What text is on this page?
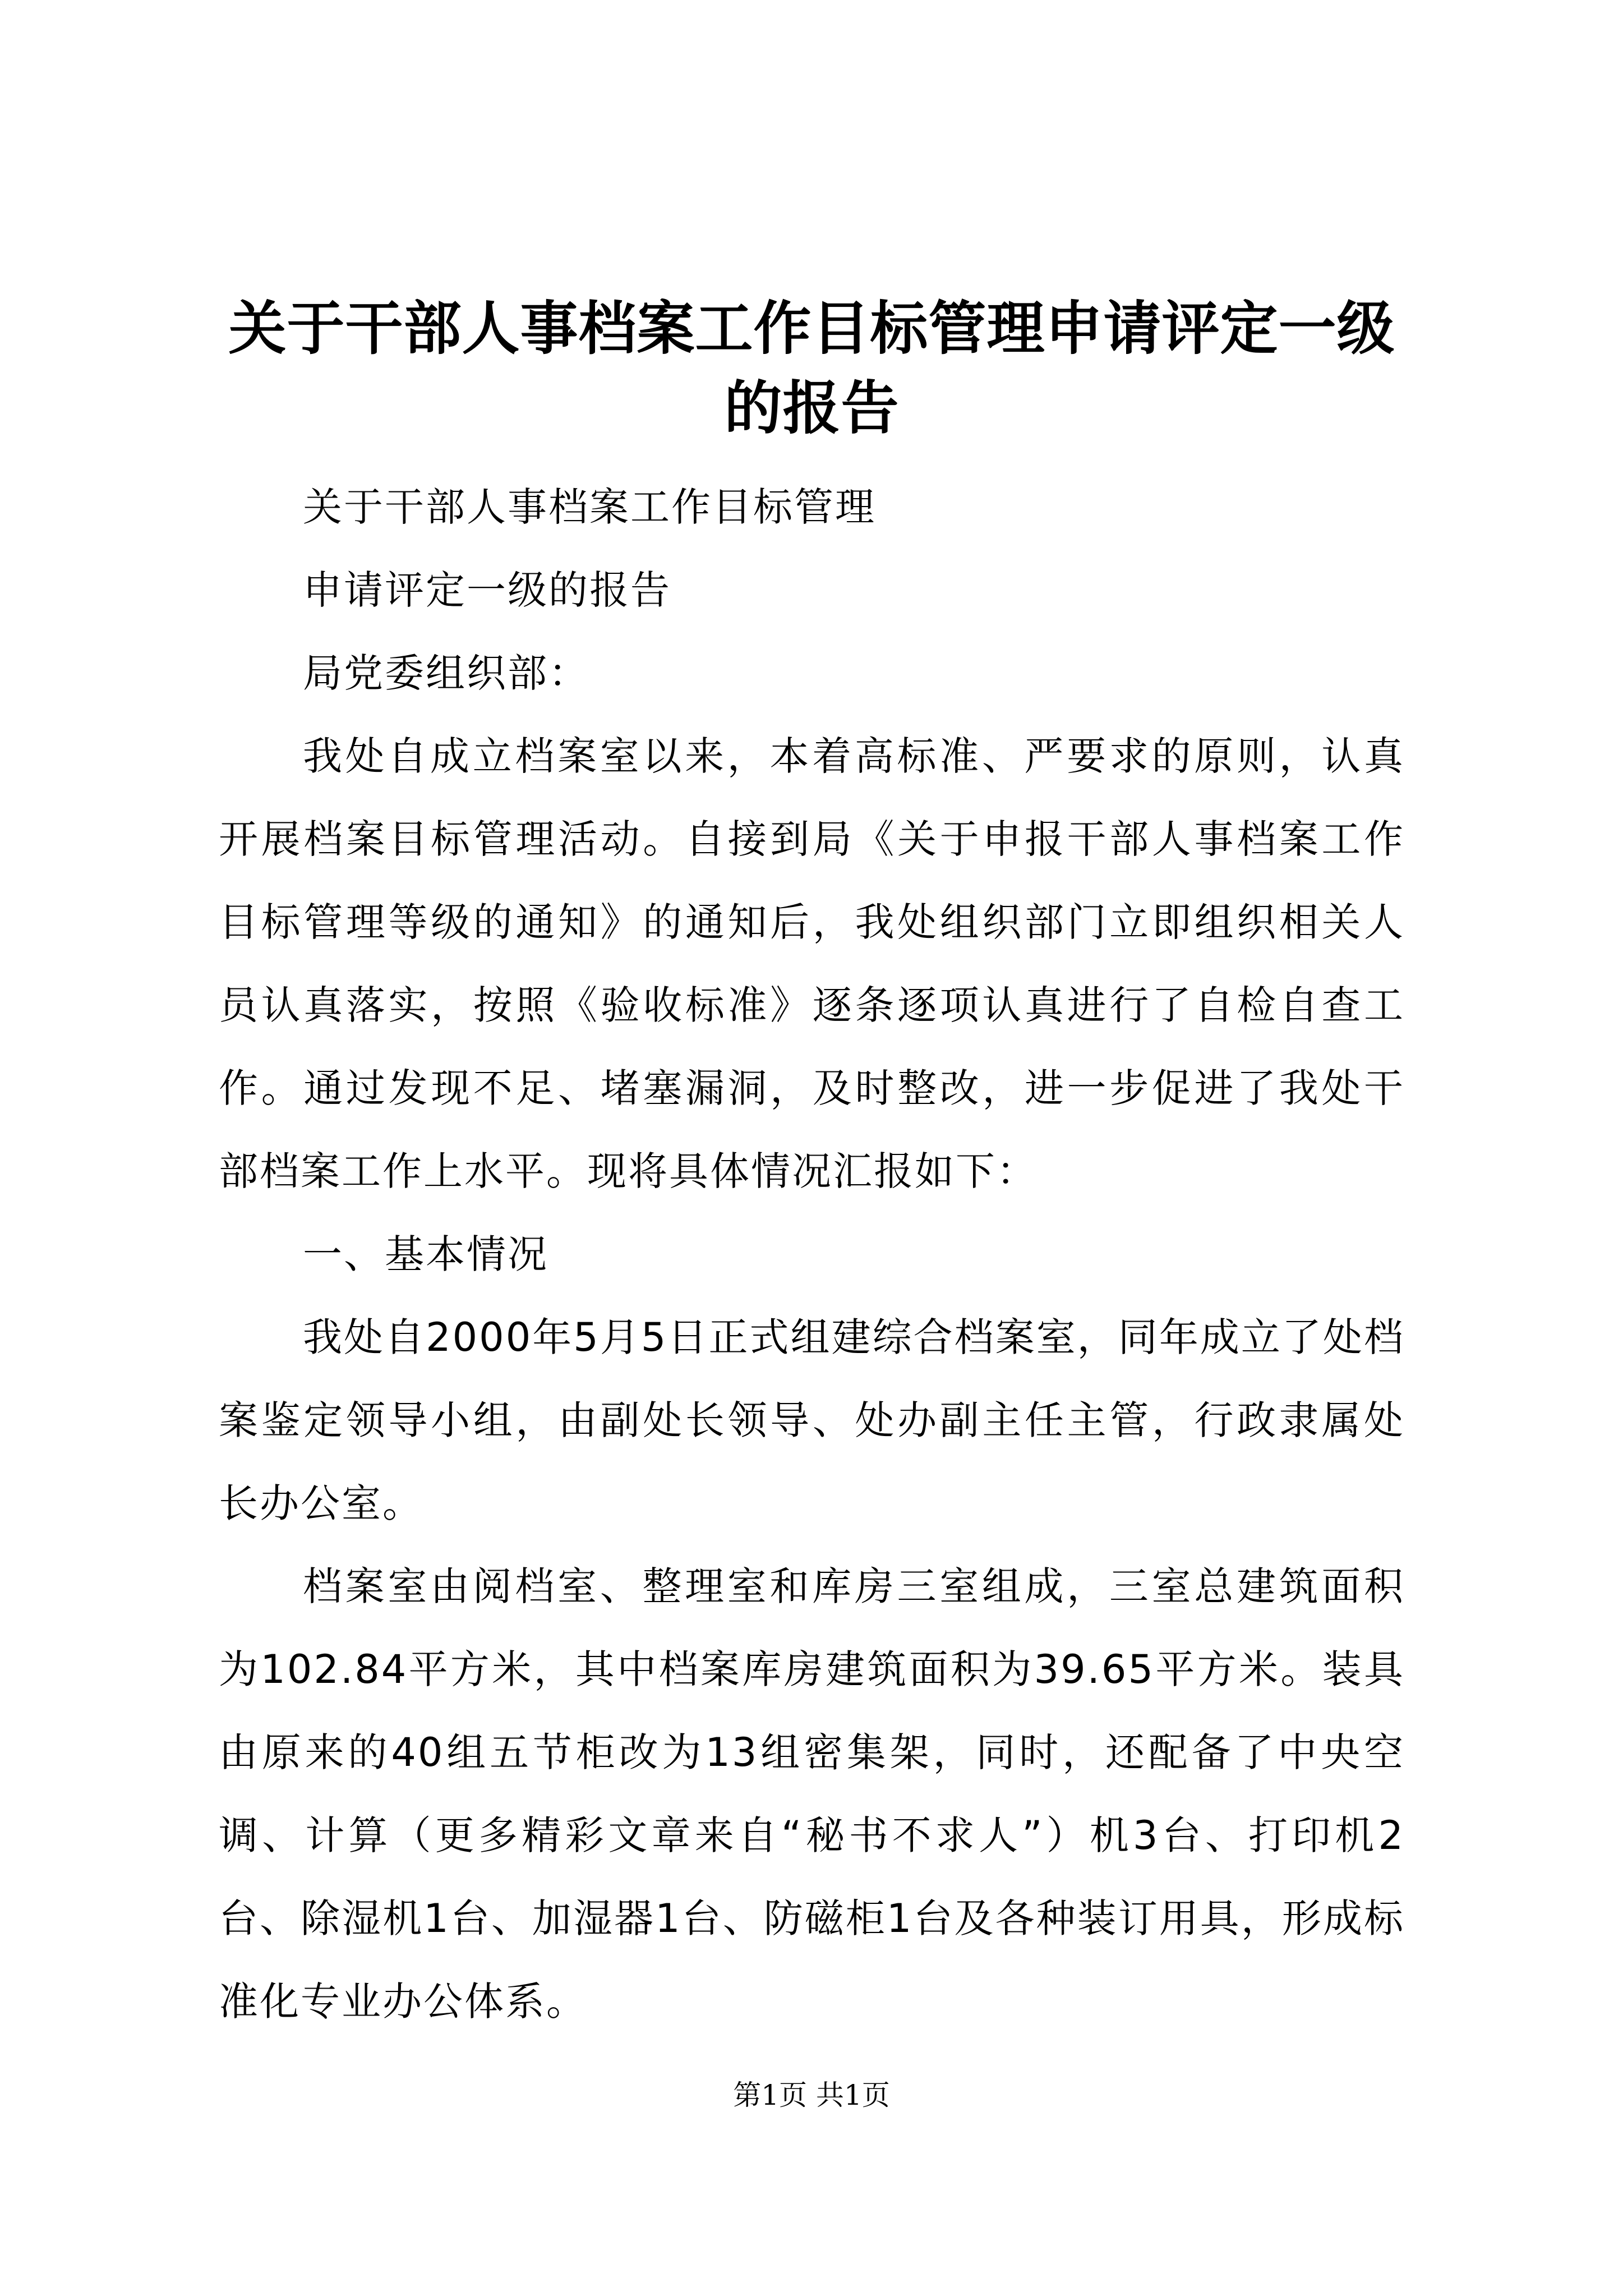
关于干部人事档案工作目标管理申请评定一级的报告

关于干部人事档案工作目标管理

申请评定一级的报告

局党委组织部：

我处自成立档案室以来，本着高标准、严要求的原则，认真开展档案目标管理活动。自接到局《关于申报干部人事档案工作目标管理等级的通知》的通知后，我处组织部门立即组织相关人员认真落实，按照《验收标准》逐条逐项认真进行了自检自查工作。通过发现不足、堵塞漏洞，及时整改，进一步促进了我处干部档案工作上水平。现将具体情况汇报如下：

一、基本情况

我处自2000年5月5日正式组建综合档案室，同年成立了处档案鉴定领导小组，由副处长领导、处办副主任主管，行政隶属处长办公室。

档案室由阅档室、整理室和库房三室组成，三室总建筑面积为102.84平方米，其中档案库房建筑面积为39.65平方米。装具由原来的40组五节柜改为13组密集架，同时，还配备了中央空调、计算（更多精彩文章来自“秘书不求人”）机3台、打印机2台、除湿机1台、加湿器1台、防磁柜1台及各种装订用具，形成标准化专业办公体系。

第1页 共1页
